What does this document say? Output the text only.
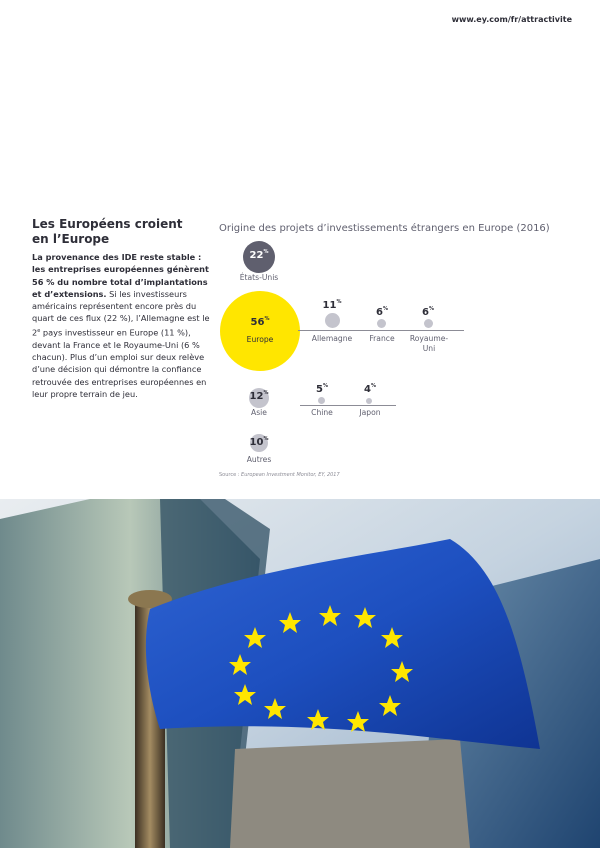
www.ey.com/fr/attractivite
Les Européens croient
en l’Europe
La provenance des IDE reste stable : les entreprises européennes génèrent 56 % du nombre total d’implantations et d’extensions. Si les investisseurs américains représentent encore près du quart de ces flux (22 %), l’Allemagne est le 2e pays investisseur en Europe (11 %), devant la France et le Royaume-Uni (6 % chacun). Plus d’un emploi sur deux relève d’une décision qui démontre la confiance retrouvée des entreprises européennes en leur propre terrain de jeu.
Origine des projets d’investissements étrangers en Europe (2016)
22%
États-Unis
56%
Europe
11%
Allemagne
6%
France
6%
Royaume-
Uni
12%
Asie
5%
Chine
4%
Japon
10%
Autres
Source : European Investment Monitor, EY, 2017
